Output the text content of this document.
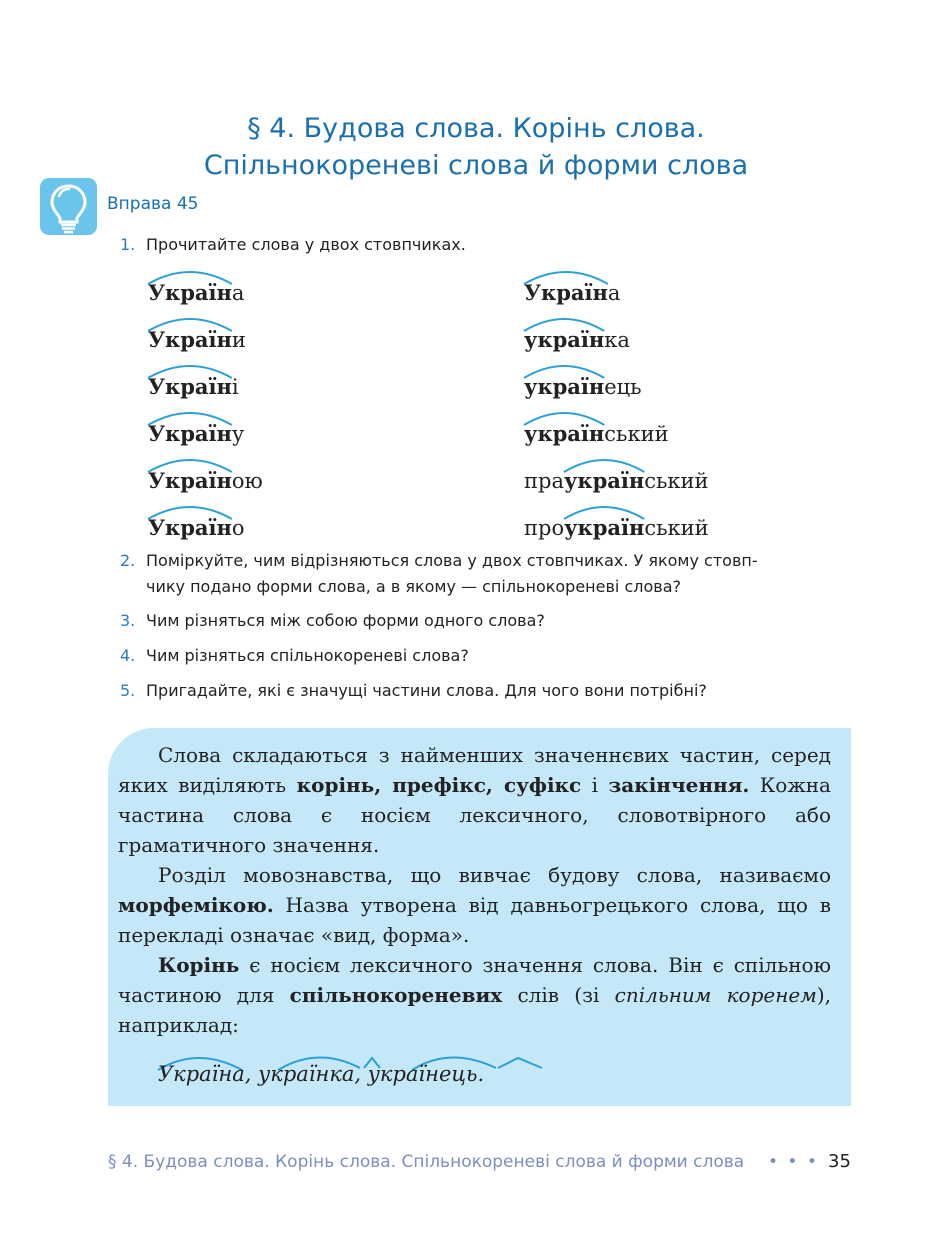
§ 4. Будова слова. Корінь слова.
Спільнокореневі слова й форми слова
Вправа 45
1. Прочитайте слова у двох стовпчиках.
Україна
України
Україні
Україну
Україною
Україно
Україна
українка
українець
український
праукраїнський
проукраїнський
2. Поміркуйте, чим відрізняються слова у двох стовпчиках. У якому стовп-
чику подано форми слова, а в якому — спільнокореневі слова?
3. Чим різняться між собою форми одного слова?
4. Чим різняться спільнокореневі слова?
5. Пригадайте, які є значущі частини слова. Для чого вони потрібні?

Слова складаються з найменших значеннєвих частин, серед яких виділяють корінь, префікс, суфікс і закінчення. Кожна частина слова є носієм лексичного, словотвірного або граматичного значення.

Розділ мовознавства, що вивчає будову слова, називаємо морфемікою. Назва утворена від давньогрецького слова, що в перекладі означає «вид, форма».

Корінь є носієм лексичного значення слова. Він є спільною частиною для спільнокореневих слів (зі спільним коренем), наприклад:

Україна, українка, українець.
§ 4. Будова слова. Корінь слова. Спільнокореневі слова й форми слова • • • 35
